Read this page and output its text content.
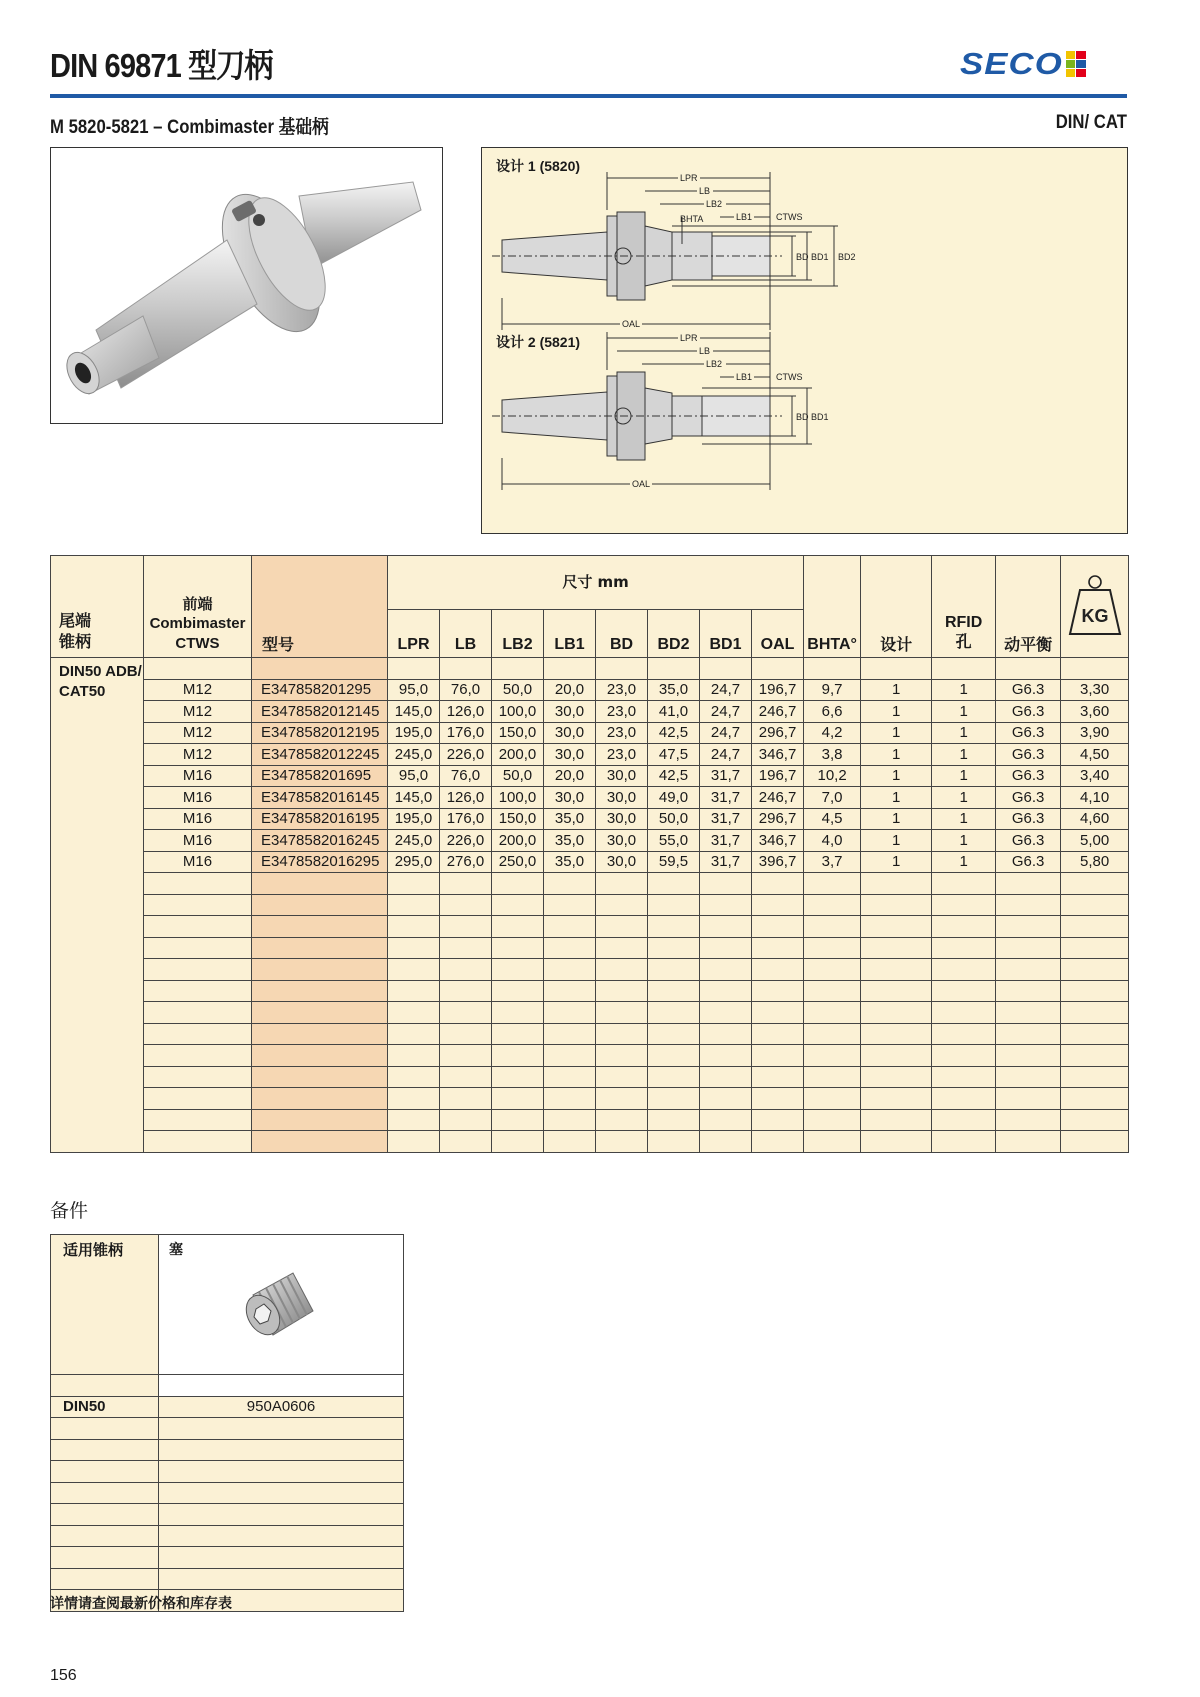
DIN 69871 型刀柄	SECO
M 5820-5821 – Combimaster 基础柄	DIN/ CAT
设计 1 (5820)
设计 2 (5821)
LPR
LB
LB2
LB1	CTWS
BHTA
BD BD1 BD2
OAL
LPR
LB
LB2
LB1	CTWS
BD BD1
OAL
尾端
锥柄	前端
Combimaster
CTWS	型号	尺寸 mm								BHTA°	设计	RFID
孔	动平衡	KG

			LPR	LB	LB2	LB1	BD	BD2	BD1	OAL					
DIN50 ADB/
CAT50															
	M12	E347858201295	95,0	76,0	50,0	20,0	23,0	35,0	24,7	196,7	9,7	1	1	G6.3	3,30
	M12	E3478582012145	145,0	126,0	100,0	30,0	23,0	41,0	24,7	246,7	6,6	1	1	G6.3	3,60
	M12	E3478582012195	195,0	176,0	150,0	30,0	23,0	42,5	24,7	296,7	4,2	1	1	G6.3	3,90
	M12	E3478582012245	245,0	226,0	200,0	30,0	23,0	47,5	24,7	346,7	3,8	1	1	G6.3	4,50
	M16	E347858201695	95,0	76,0	50,0	20,0	30,0	42,5	31,7	196,7	10,2	1	1	G6.3	3,40
	M16	E3478582016145	145,0	126,0	100,0	30,0	30,0	49,0	31,7	246,7	7,0	1	1	G6.3	4,10
	M16	E3478582016195	195,0	176,0	150,0	35,0	30,0	50,0	31,7	296,7	4,5	1	1	G6.3	4,60
	M16	E3478582016245	245,0	226,0	200,0	35,0	30,0	55,0	31,7	346,7	4,0	1	1	G6.3	5,00
	M16	E3478582016295	295,0	276,0	250,0	35,0	30,0	59,5	31,7	396,7	3,7	1	1	G6.3	5,80

备件
适用锥柄	塞

DIN50	950A0606

详情请查阅最新价格和库存表
156
